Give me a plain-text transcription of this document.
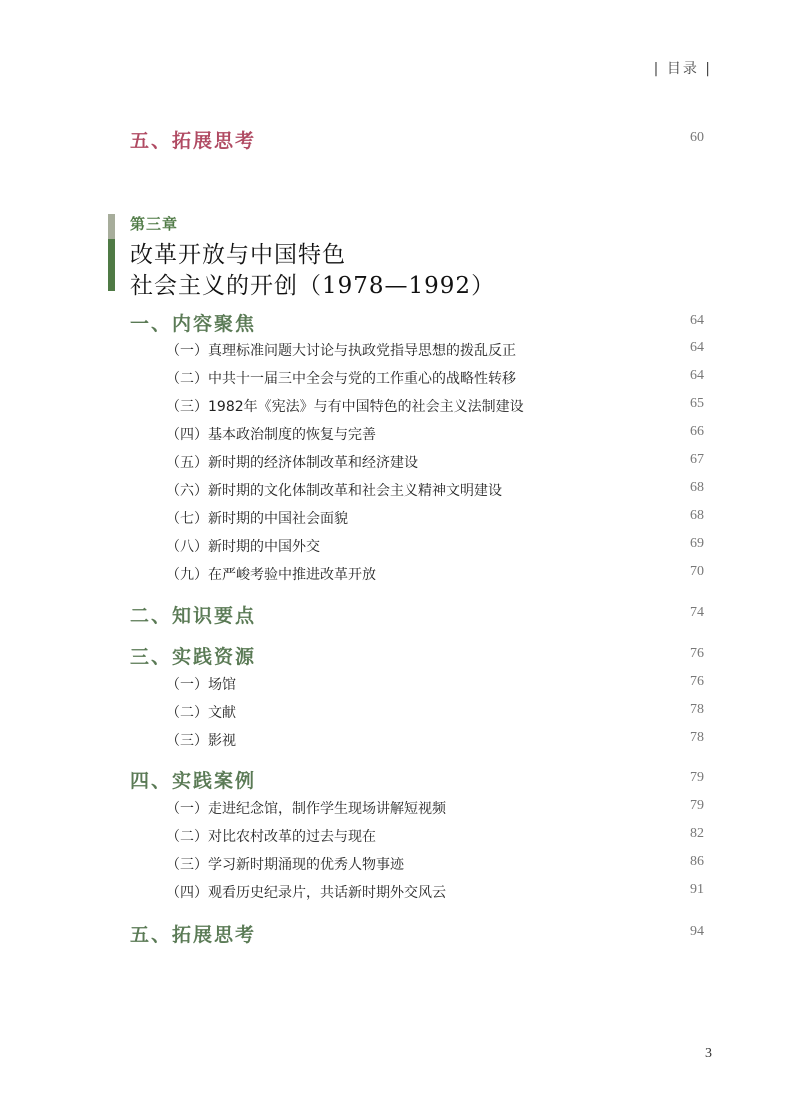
| 目录 |
五、拓展思考	60
第三章
改革开放与中国特色
社会主义的开创（1978—1992）
一、内容聚焦	64
（一）真理标准问题大讨论与执政党指导思想的拨乱反正	64
（二）中共十一届三中全会与党的工作重心的战略性转移	64
（三）1982年《宪法》与有中国特色的社会主义法制建设	65
（四）基本政治制度的恢复与完善	66
（五）新时期的经济体制改革和经济建设	67
（六）新时期的文化体制改革和社会主义精神文明建设	68
（七）新时期的中国社会面貌	68
（八）新时期的中国外交	69
（九）在严峻考验中推进改革开放	70
二、知识要点	74
三、实践资源	76
（一）场馆	76
（二）文献	78
（三）影视	78
四、实践案例	79
（一）走进纪念馆，制作学生现场讲解短视频	79
（二）对比农村改革的过去与现在	82
（三）学习新时期涌现的优秀人物事迹	86
（四）观看历史纪录片，共话新时期外交风云	91
五、拓展思考	94
3
